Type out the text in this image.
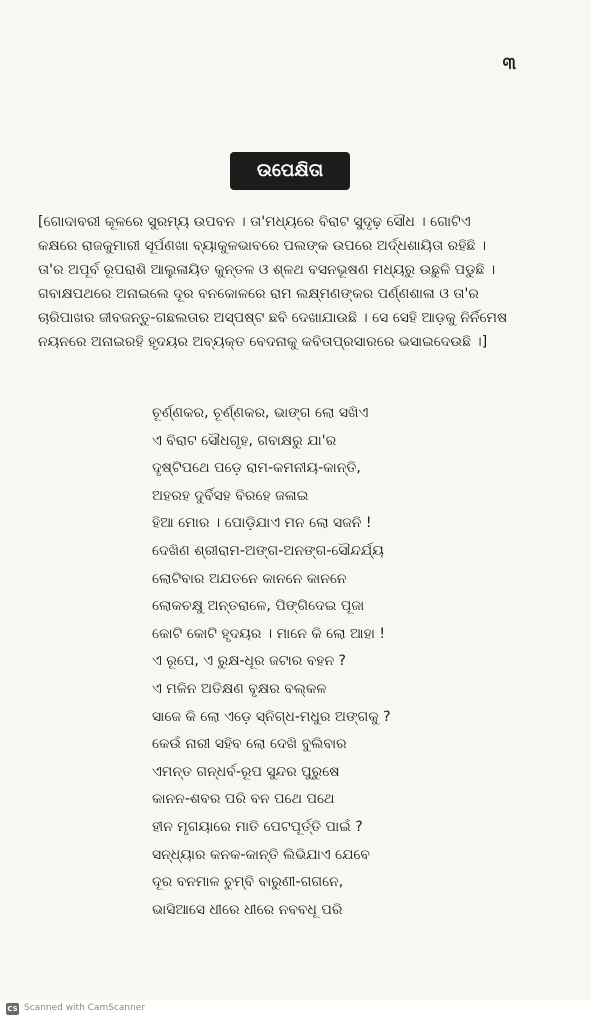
୩
ଉପେକ୍ଷିତା
[ଗୋଦାବରୀ କୂଳରେ ସୁରମ୍ୟ ଉପବନ । ତା'ମଧ୍ୟରେ ବିରାଟ ସୁଦୃଢ଼ ସୌଧ । ଗୋଟିଏ
କକ୍ଷରେ ରାଜକୁମାରୀ ସୂର୍ପଣଖା ବ୍ୟାକୁଳଭାବରେ ପଲଙ୍କ ଉପରେ ଅର୍ଦ୍ଧଶାୟିତା ରହିଛି ।
ତା'ର ଅପୂର୍ବ ରୂପରାଶି ଆଲୁଳାୟିତ କୁନ୍ତଳ ଓ ଶ୍ଳଥ ବସନଭୂଷଣ ମଧ୍ୟରୁ ଉଛୁଳି ପଡୁଛି ।
ଗବାକ୍ଷପଥରେ ଅନାଇଲେ ଦୂର ବନକୋଳରେ ରାମ ଲକ୍ଷ୍ମଣଙ୍କର ପର୍ଣ୍ଣଶାଳା ଓ ତା'ର
ଚାରିପାଖର ଜୀବଜନ୍ତୁ-ଗଛଲତାର ଅସ୍ପଷ୍ଟ ଛବି ଦେଖାଯାଉଛି । ସେ ସେହି ଆଡ଼କୁ ନିର୍ନିମେଷ
ନୟନରେ ଅନାଇରହି ହୃଦୟର ଅବ୍ୟକ୍ତ ବେଦନାକୁ କବିତାପ୍ରସାରରେ ଭସାଇଦେଉଛି ।]
ଚୂର୍ଣ୍ଣକର, ଚୂର୍ଣ୍ଣକର, ଭାଙ୍ଗ ଲୋ ସଖିଏ
ଏ ବିରାଟ ସୌଧଗୃହ, ଗବାକ୍ଷରୁ ଯା'ର
ଦୃଷ୍ଟିପଥେ ପଡ଼େ ରାମ-କମନୀୟ-କାନ୍ତି,
ଅହରହ ଦୁର୍ବିସହ ବିରହେ ଜଳାଇ
ହିଆ ମୋର । ପୋଡ଼ିଯାଏ ମନ ଲୋ ସଜନି !
ଦେଖିଣ ଶ୍ରୀରାମ-ଅଙ୍ଗ-ଅନଙ୍ଗ-ସୌନ୍ଦର୍ଯ୍ୟ
ଲୋଟିବାର ଅଯତନେ କାନନେ କାନନେ
ଲୋକଚକ୍ଷୁ ଅନ୍ତରାଳେ, ପିଙ୍ଗିଦେଇ ପୂଜା
କୋଟି କୋଟି ହୃଦୟର । ମାନେ କି ଲୋ ଆହା !
ଏ ରୂପେ, ଏ ରୁକ୍ଷ-ଧୂର ଜଟାର ବହନ ?
ଏ ମଳିନ ଅତିକ୍ଷଣ ବୃକ୍ଷର ବଲ୍କଳ
ସାଜେ କି ଲୋ ଏଡ଼େ ସ୍ନିଗ୍ଧ-ମଧୁର ଅଙ୍ଗକୁ ?
କେଉଁ ନାରୀ ସହିବ ଲୋ ଦେଖି ବୁଲିବାର
ଏମନ୍ତ ଗନ୍ଧର୍ବ-ରୂପ ସୁନ୍ଦର ପୁରୁଷେ
କାନନ-ଶବର ପରି ବନ ପଥେ ପଥେ
ହୀନ ମୃଗୟାରେ ମାତି ପେଟପୂର୍ତ୍ତି ପାଇଁ ?
ସନ୍ଧ୍ୟାର କନକ-କାନ୍ତି ଲିଭିଯାଏ ଯେବେ
ଦୂର ବନମାଳ ଚୁମ୍ବି ବାରୁଣୀ-ଗଗନେ,
ଭାସିଆସେ ଧୀରେ ଧୀରେ ନବବଧୂ ପରି
CS Scanned with CamScanner
